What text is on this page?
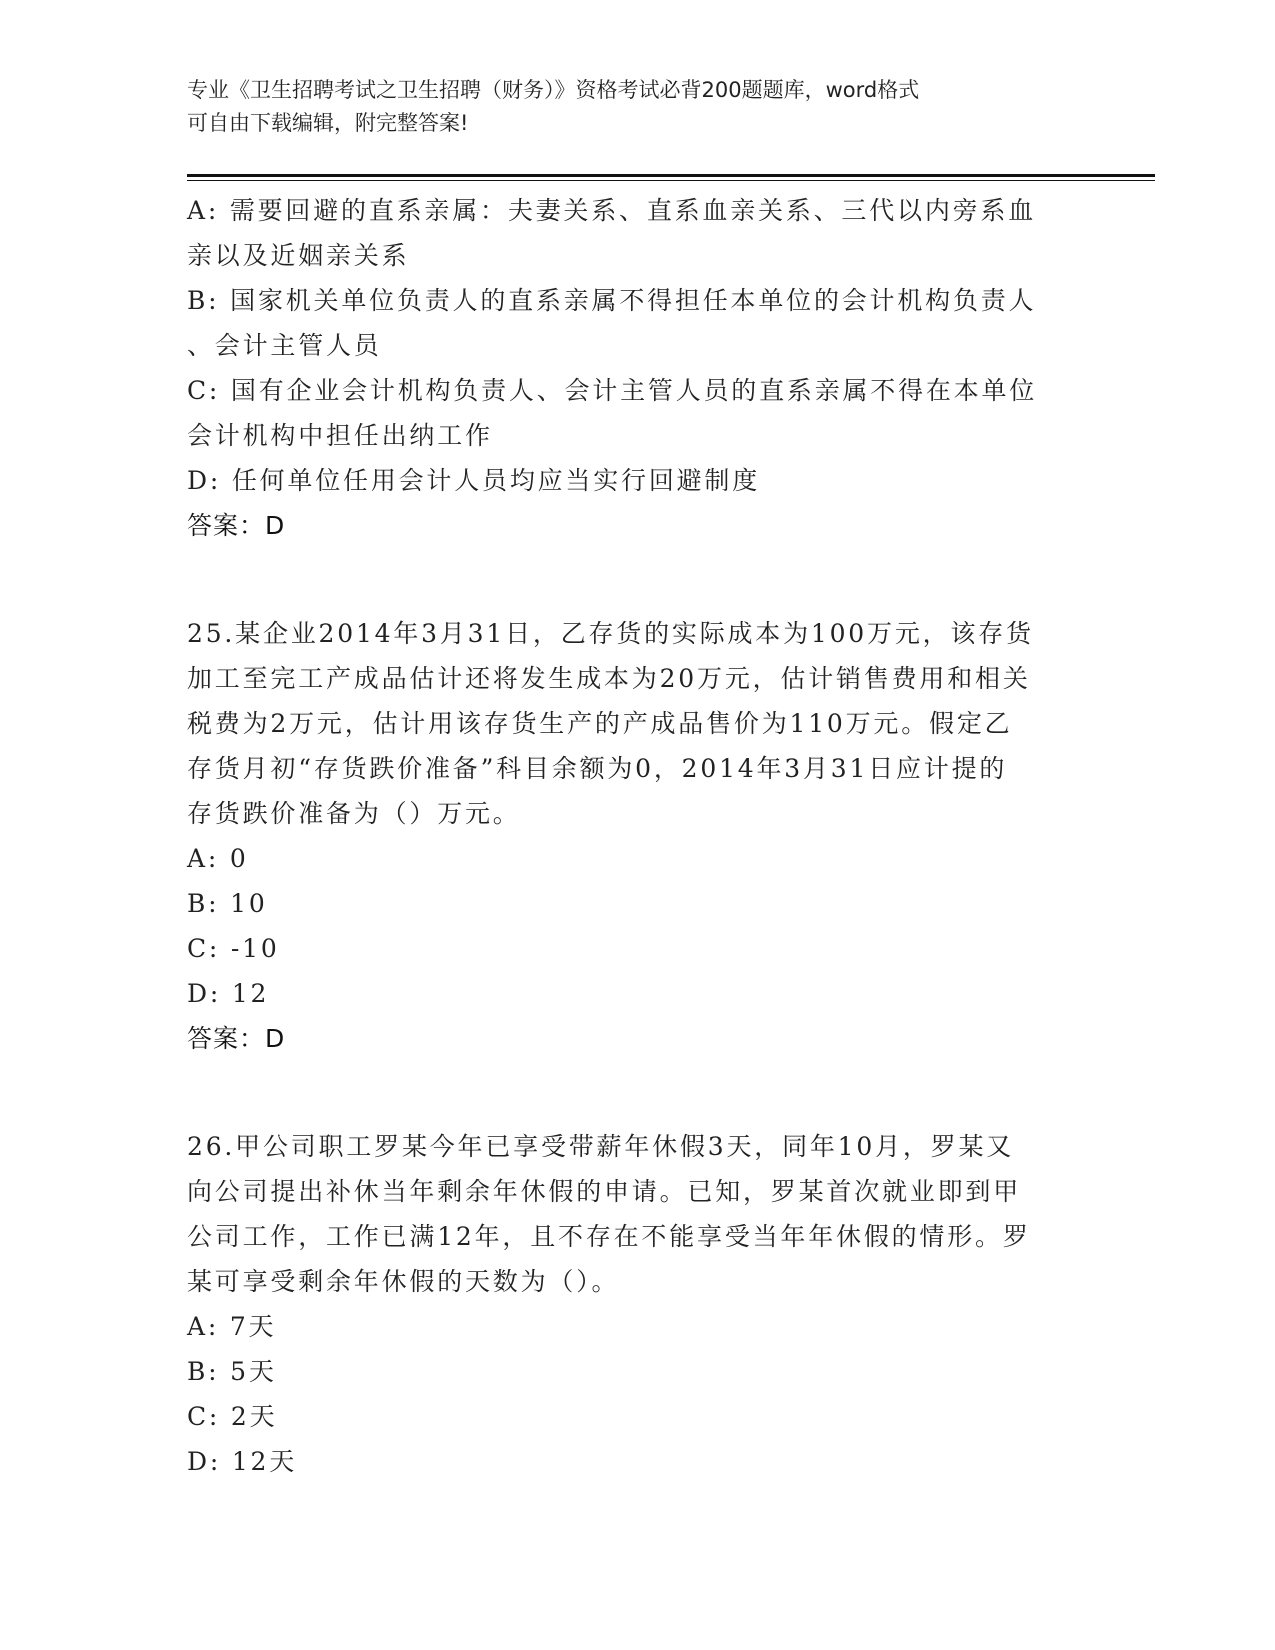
专业《卫生招聘考试之卫生招聘（财务）》资格考试必背200题题库，word格式
可自由下载编辑，附完整答案!
A: 需要回避的直系亲属：夫妻关系、直系血亲关系、三代以内旁系血
亲以及近姻亲关系
B: 国家机关单位负责人的直系亲属不得担任本单位的会计机构负责人
、会计主管人员
C: 国有企业会计机构负责人、会计主管人员的直系亲属不得在本单位
会计机构中担任出纳工作
D: 任何单位任用会计人员均应当实行回避制度
答案：D
25.某企业2014年3月31日，乙存货的实际成本为100万元，该存货
加工至完工产成品估计还将发生成本为20万元，估计销售费用和相关
税费为2万元，估计用该存货生产的产成品售价为110万元。假定乙
存货月初“存货跌价准备”科目余额为0，2014年3月31日应计提的
存货跌价准备为（）万元。
A: 0
B: 10
C: -10
D: 12
答案：D
26.甲公司职工罗某今年已享受带薪年休假3天，同年10月，罗某又
向公司提出补休当年剩余年休假的申请。已知，罗某首次就业即到甲
公司工作，工作已满12年，且不存在不能享受当年年休假的情形。罗
某可享受剩余年休假的天数为（）。
A: 7天
B: 5天
C: 2天
D: 12天
